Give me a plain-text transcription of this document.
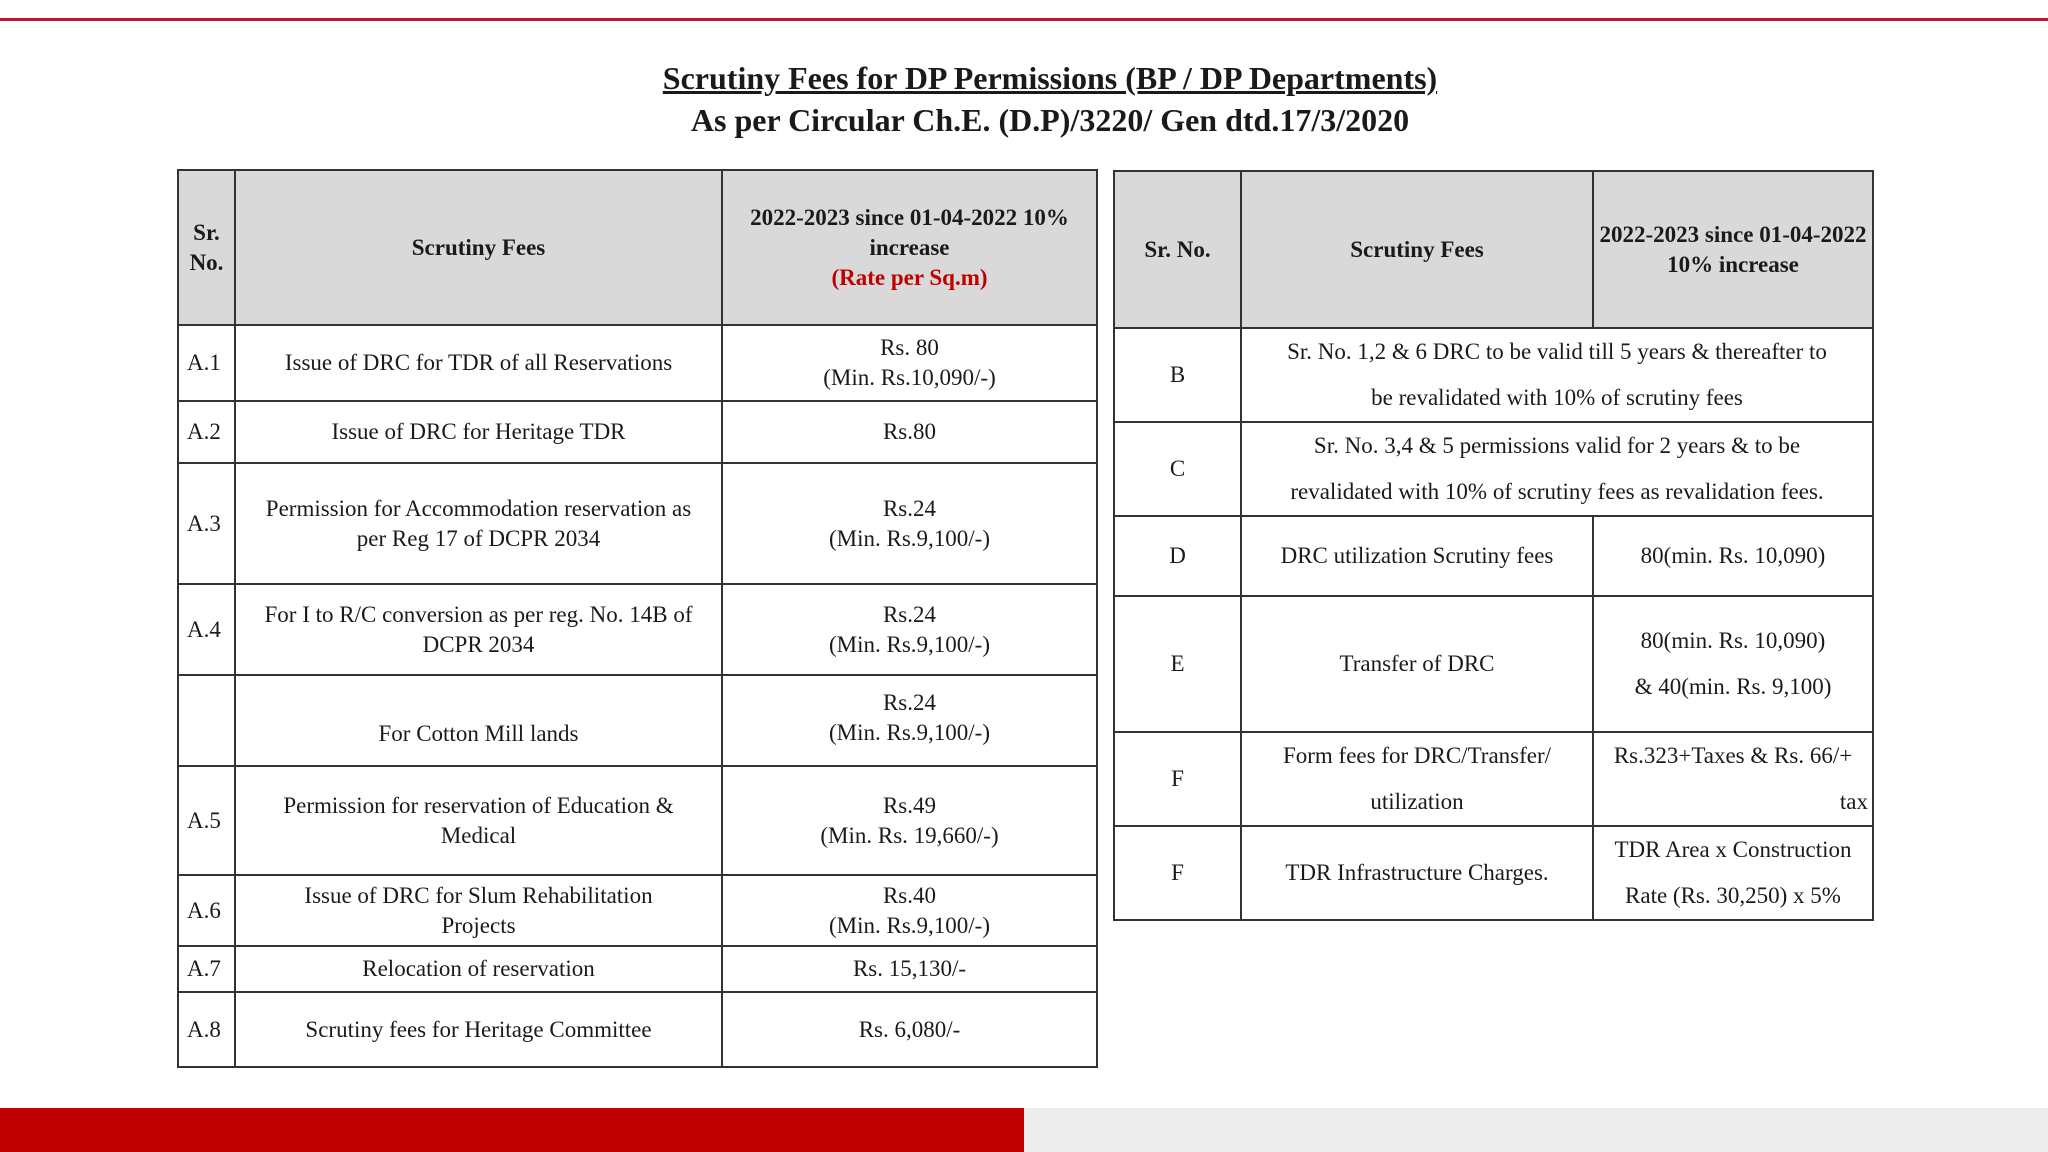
Scrutiny Fees for DP Permissions (BP / DP Departments)
As per Circular Ch.E. (D.P)/3220/ Gen dtd.17/3/2020
Sr.
No.	Scrutiny Fees	2022-2023 since 01-04-2022 10%
increase
(Rate per Sq.m)

A.1	Issue of DRC for TDR of all Reservations	Rs. 80
(Min. Rs.10,090/-)

A.2	Issue of DRC for Heritage TDR	Rs.80
A.3	Permission for Accommodation reservation as
per Reg 17 of DCPR 2034	Rs.24
(Min. Rs.9,100/-)

A.4	For I to R/C conversion as per reg. No. 14B of
DCPR 2034	Rs.24
(Min. Rs.9,100/-)

	For Cotton Mill lands	Rs.24
(Min. Rs.9,100/-)

A.5	Permission for reservation of Education &
Medical	Rs.49
(Min. Rs. 19,660/-)

A.6	Issue of DRC for Slum Rehabilitation
Projects	Rs.40
(Min. Rs.9,100/-)

A.7	Relocation of reservation	Rs. 15,130/-
A.8	Scrutiny fees for Heritage Committee	Rs. 6,080/-
Sr. No.	Scrutiny Fees	2022-2023 since 01-04-2022
10% increase

B	Sr. No. 1,2 & 6 DRC to be valid till 5 years & thereafter to
be revalidated with 10% of scrutiny fees	

C	Sr. No. 3,4 & 5 permissions valid for 2 years & to be
revalidated with 10% of scrutiny fees as revalidation fees.	

D	DRC utilization Scrutiny fees	80(min. Rs. 10,090)
E	Transfer of DRC	80(min. Rs. 10,090)
& 40(min. Rs. 9,100)

F	Form fees for DRC/Transfer/
utilization	Rs.323+Taxes & Rs. 66/+
tax

F	TDR Infrastructure Charges.	TDR Area x Construction
Rate (Rs. 30,250) x 5%
